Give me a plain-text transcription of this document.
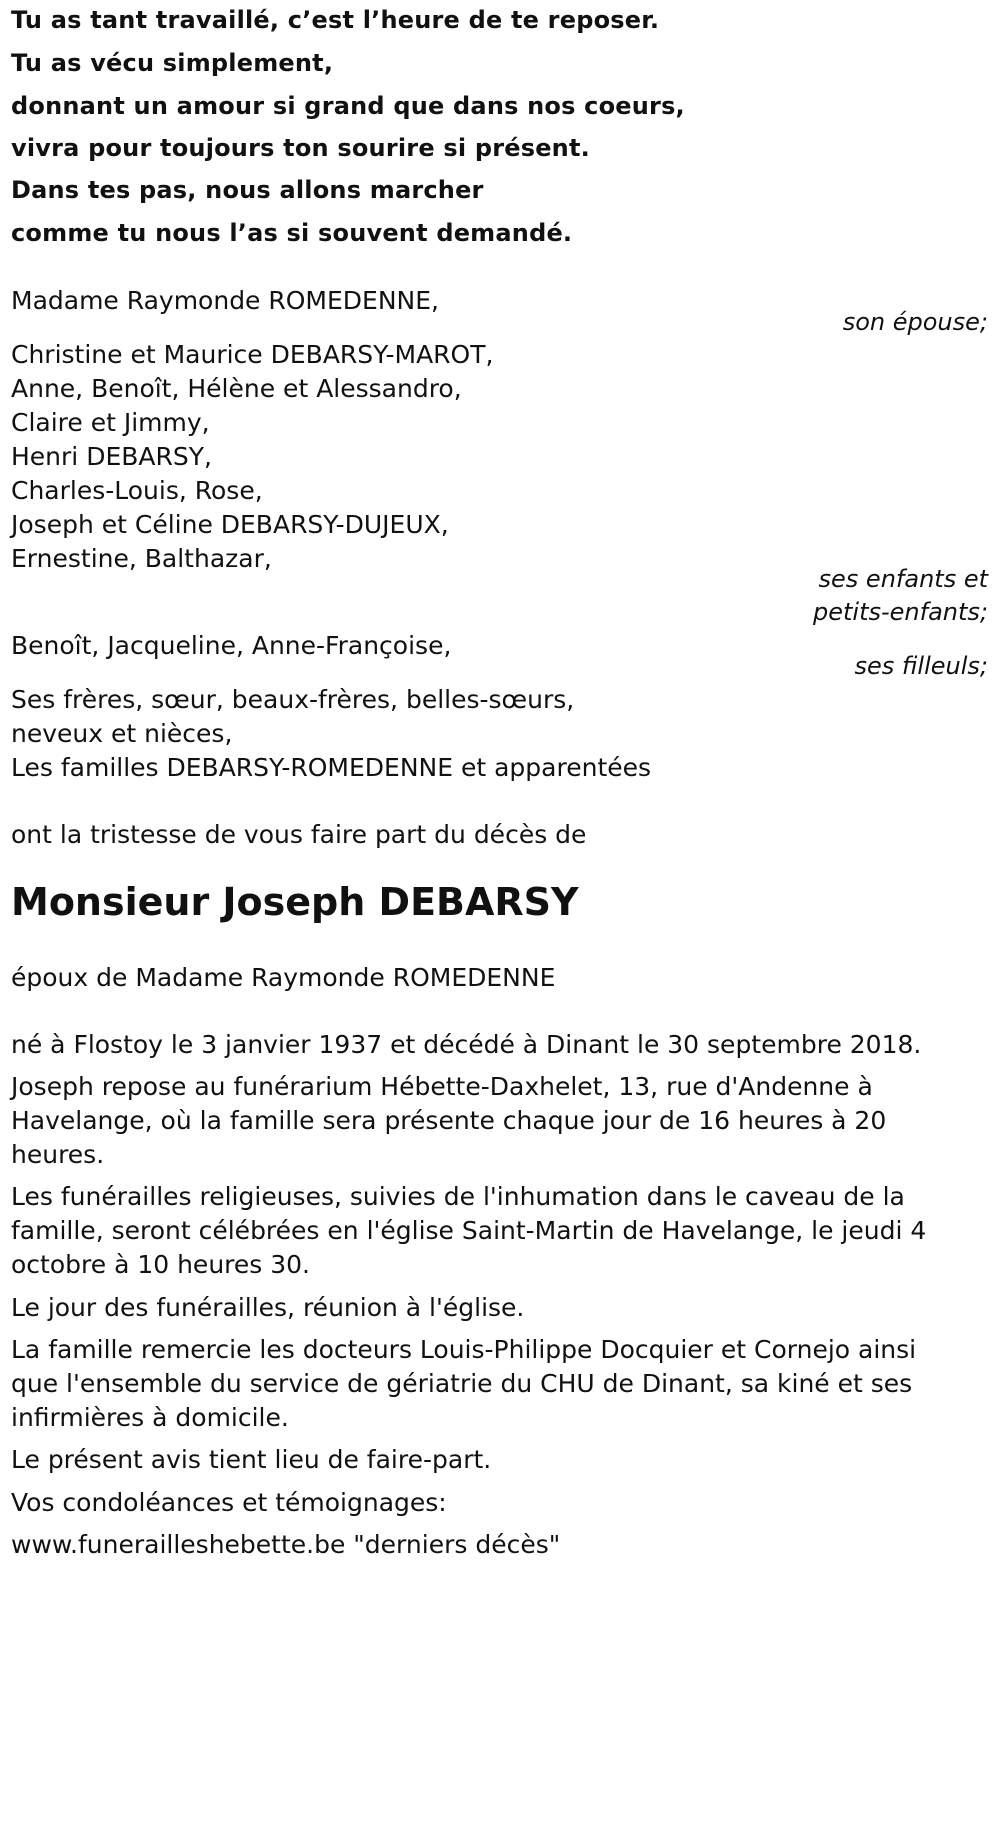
Tu as tant travaillé, c’est l’heure de te reposer.
Tu as vécu simplement,
donnant un amour si grand que dans nos coeurs,
vivra pour toujours ton sourire si présent.
Dans tes pas, nous allons marcher
comme tu nous l’as si souvent demandé.
Madame Raymonde ROMEDENNE,
son épouse;
Christine et Maurice DEBARSY-MAROT,
Anne, Benoît, Hélène et Alessandro,
Claire et Jimmy,
Henri DEBARSY,
Charles-Louis, Rose,
Joseph et Céline DEBARSY-DUJEUX,
Ernestine, Balthazar,
ses enfants et
petits-enfants;
Benoît, Jacqueline, Anne-Françoise,
ses filleuls;
Ses frères, sœur, beaux-frères, belles-sœurs,
neveux et nièces,
Les familles DEBARSY-ROMEDENNE et apparentées
ont la tristesse de vous faire part du décès de
Monsieur Joseph DEBARSY
époux de Madame Raymonde ROMEDENNE
né à Flostoy le 3 janvier 1937 et décédé à Dinant le 30 septembre 2018.
Joseph repose au funérarium Hébette-Daxhelet, 13, rue d'Andenne à
Havelange, où la famille sera présente chaque jour de 16 heures à 20
heures.
Les funérailles religieuses, suivies de l'inhumation dans le caveau de la
famille, seront célébrées en l'église Saint-Martin de Havelange, le jeudi 4
octobre à 10 heures 30.
Le jour des funérailles, réunion à l'église.
La famille remercie les docteurs Louis-Philippe Docquier et Cornejo ainsi
que l'ensemble du service de gériatrie du CHU de Dinant, sa kiné et ses
infirmières à domicile.
Le présent avis tient lieu de faire-part.
Vos condoléances et témoignages:
www.funerailleshebette.be "derniers décès"
